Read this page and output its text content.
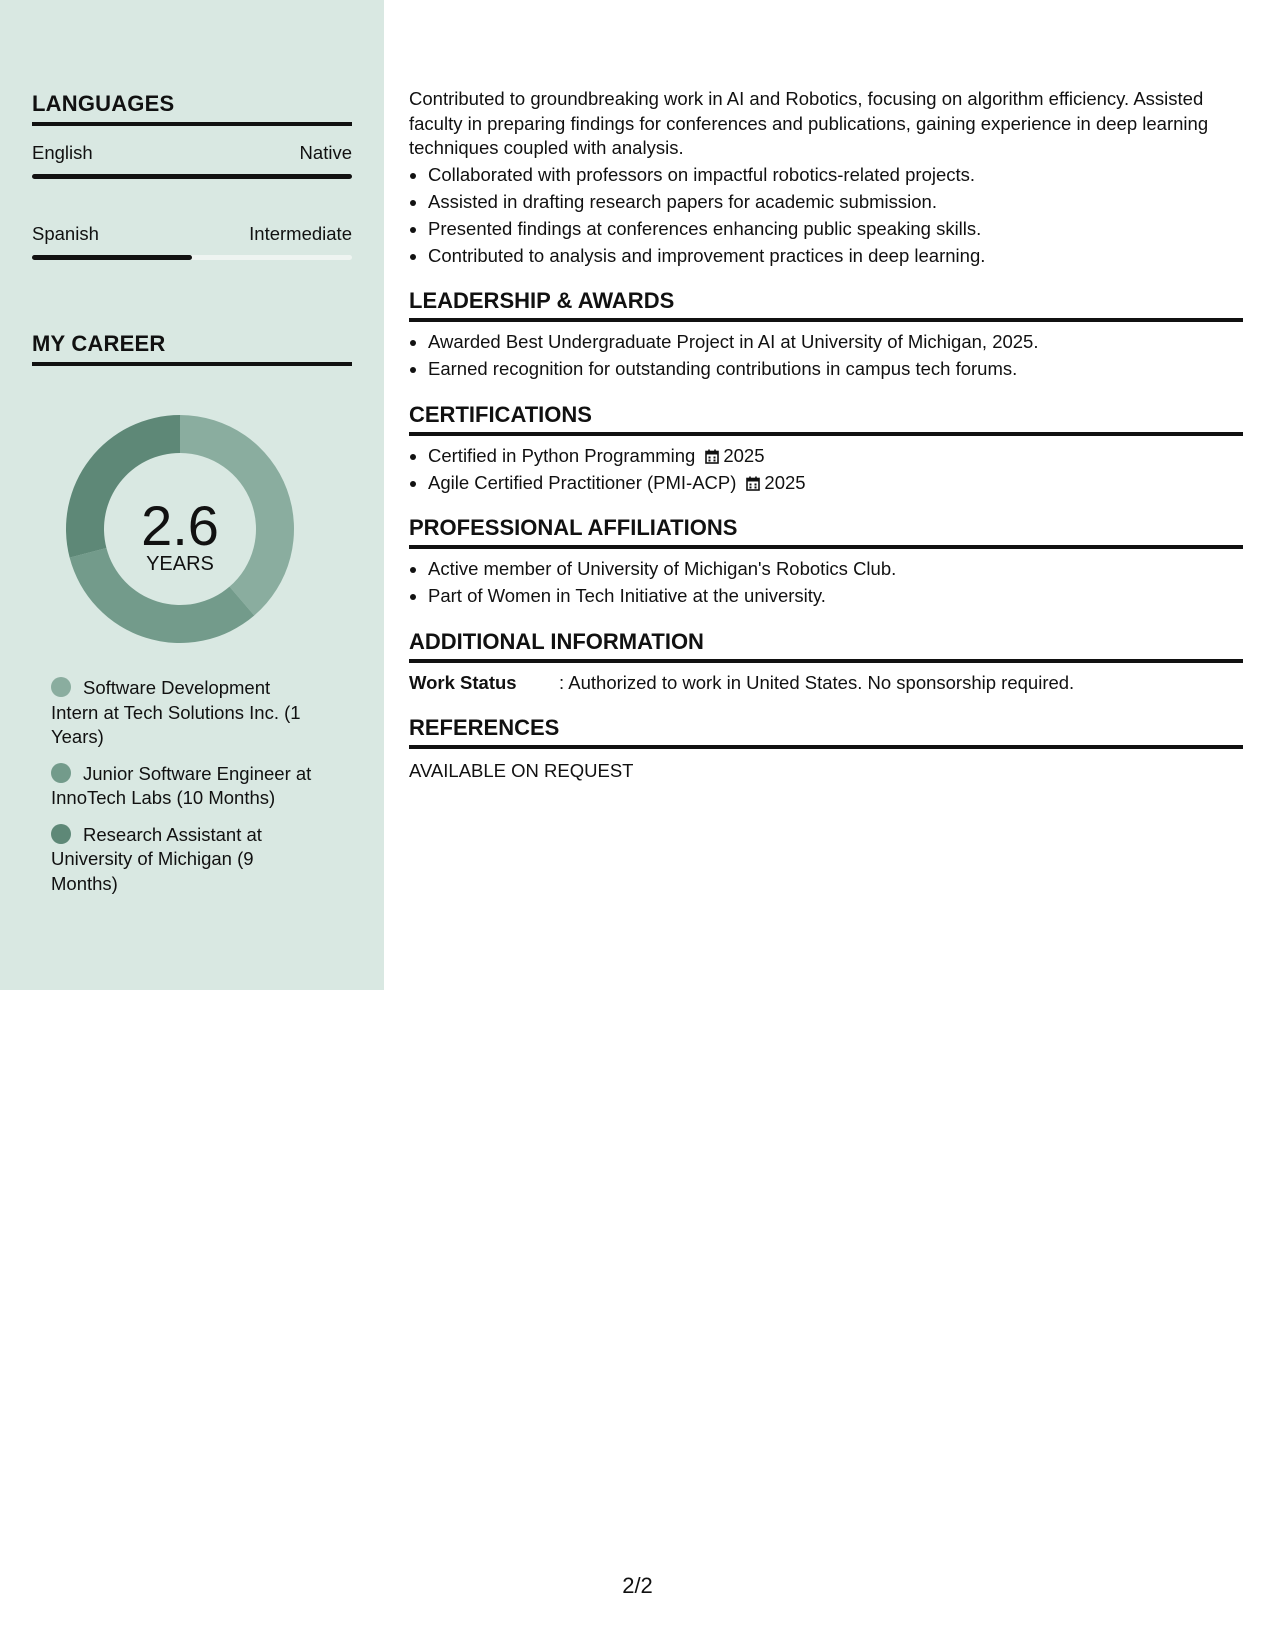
LANGUAGES
English	Native
Spanish	Intermediate
MY CAREER
2.6
YEARS
Software Development Intern at Tech Solutions Inc. (1 Years)
Junior Software Engineer at InnoTech Labs (10 Months)
Research Assistant at University of Michigan (9 Months)

Contributed to groundbreaking work in AI and Robotics, focusing on algorithm efficiency. Assisted faculty in preparing findings for conferences and publications, gaining experience in deep learning techniques coupled with analysis.

• Collaborated with professors on impactful robotics-related projects.
• Assisted in drafting research papers for academic submission.
• Presented findings at conferences enhancing public speaking skills.
• Contributed to analysis and improvement practices in deep learning.
LEADERSHIP & AWARDS
• Awarded Best Undergraduate Project in AI at University of Michigan, 2025.
• Earned recognition for outstanding contributions in campus tech forums.
CERTIFICATIONS
• Certified in Python Programming 2025
• Agile Certified Practitioner (PMI-ACP) 2025
PROFESSIONAL AFFILIATIONS
• Active member of University of Michigan's Robotics Club.
• Part of Women in Tech Initiative at the university.
ADDITIONAL INFORMATION
Work Status	: Authorized to work in United States. No sponsorship required.
REFERENCES
AVAILABLE ON REQUEST
2/2
